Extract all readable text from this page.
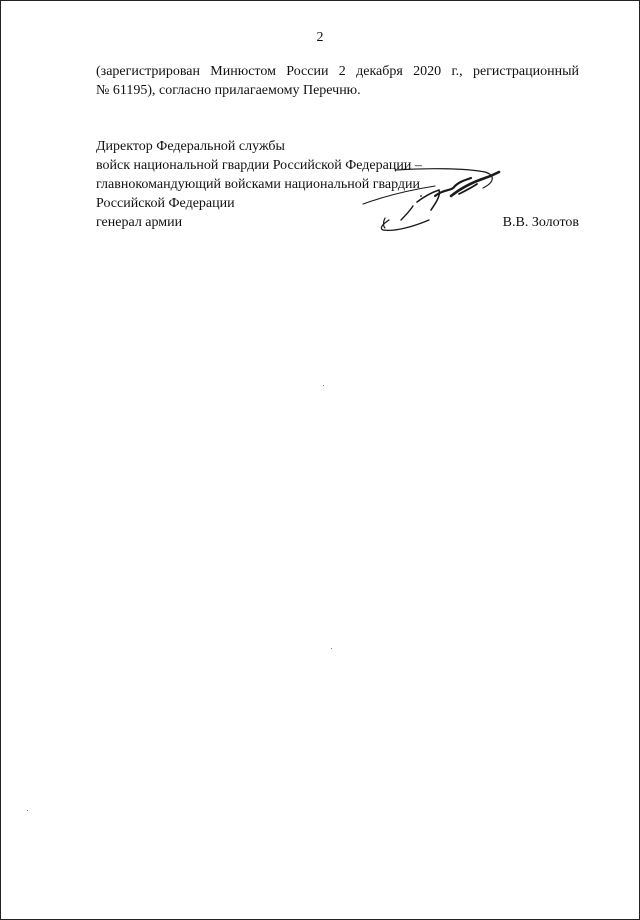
2
(зарегистрирован Минюстом России 2 декабря 2020 г., регистрационный
№ 61195), согласно прилагаемому Перечню.
Директор Федеральной службы
войск национальной гвардии Российской Федерации –
главнокомандующий войсками национальной гвардии
Российской Федерации
генерал армии	В.В. Золотов
